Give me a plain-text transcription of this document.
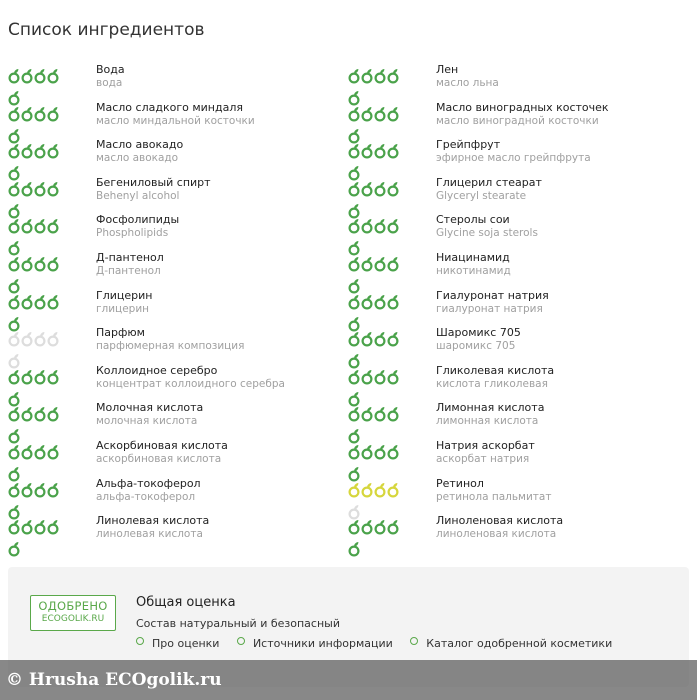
Список ингредиентов
Вода
вода
Масло сладкого миндаля
масло миндальной косточки
Масло авокадо
масло авокадо
Бегениловый спирт
Behenyl alcohol
Фосфолипиды
Phospholipids
Д-пантенол
Д-пантенол
Глицерин
глицерин
Парфюм
парфюмерная композиция
Коллоидное серебро
концентрат коллоидного серебра
Молочная кислота
молочная кислота
Аскорбиновая кислота
аскорбиновая кислота
Альфа-токоферол
альфа-токоферол
Линолевая кислота
линолевая кислота
Лен
масло льна
Масло виноградных косточек
масло виноградной косточки
Грейпфрут
эфирное масло грейпфрута
Глицерил стеарат
Glyceryl stearate
Стеролы сои
Glycine soja sterols
Ниацинамид
никотинамид
Гиалуронат натрия
гиалуронат натрия
Шаромикс 705
шаромикс 705
Гликолевая кислота
кислота гликолевая
Лимонная кислота
лимонная кислота
Натрия аскорбат
аскорбат натрия
Ретинол
ретинола пальмитат
Линоленовая кислота
линоленовая кислота
ОДОБРЕНО
ECOGOLIK.RU
Общая оценка
Состав натуральный и безопасный
Про оценки	Источники информации	Каталог одобренной косметики
© Hrusha ECOgolik.ru
